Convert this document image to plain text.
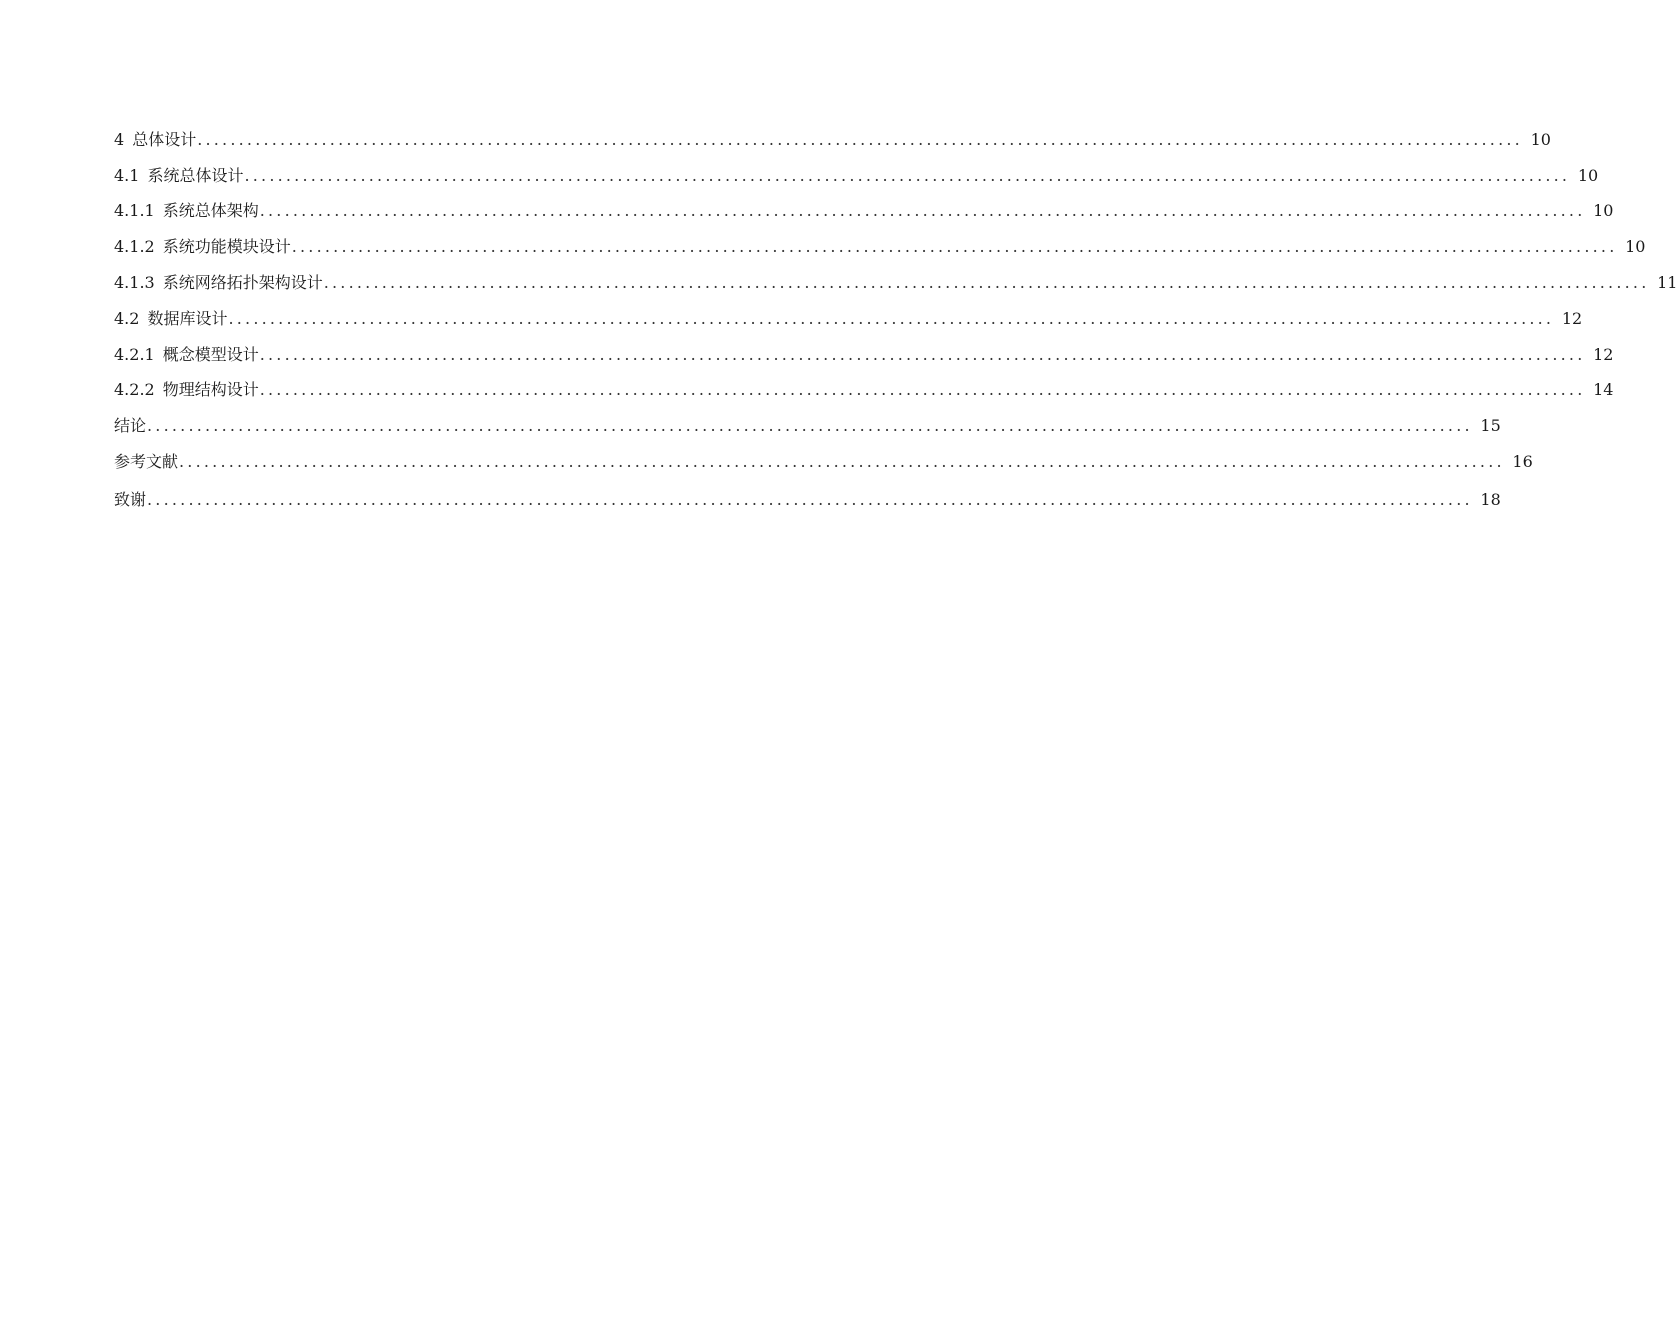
4 总体设计 ................................................................................................................................................................ 10
4.1 系统总体设计 ................................................................................................................................................................ 10
4.1.1 系统总体架构 ................................................................................................................................................................ 10
4.1.2 系统功能模块设计 ................................................................................................................................................................ 10
4.1.3 系统网络拓扑架构设计 ................................................................................................................................................................ 11
4.2 数据库设计 ................................................................................................................................................................ 12
4.2.1 概念模型设计 ................................................................................................................................................................ 12
4.2.2 物理结构设计 ................................................................................................................................................................ 14
结论 ................................................................................................................................................................ 15
参考文献 ................................................................................................................................................................ 16
致谢 ................................................................................................................................................................ 18
